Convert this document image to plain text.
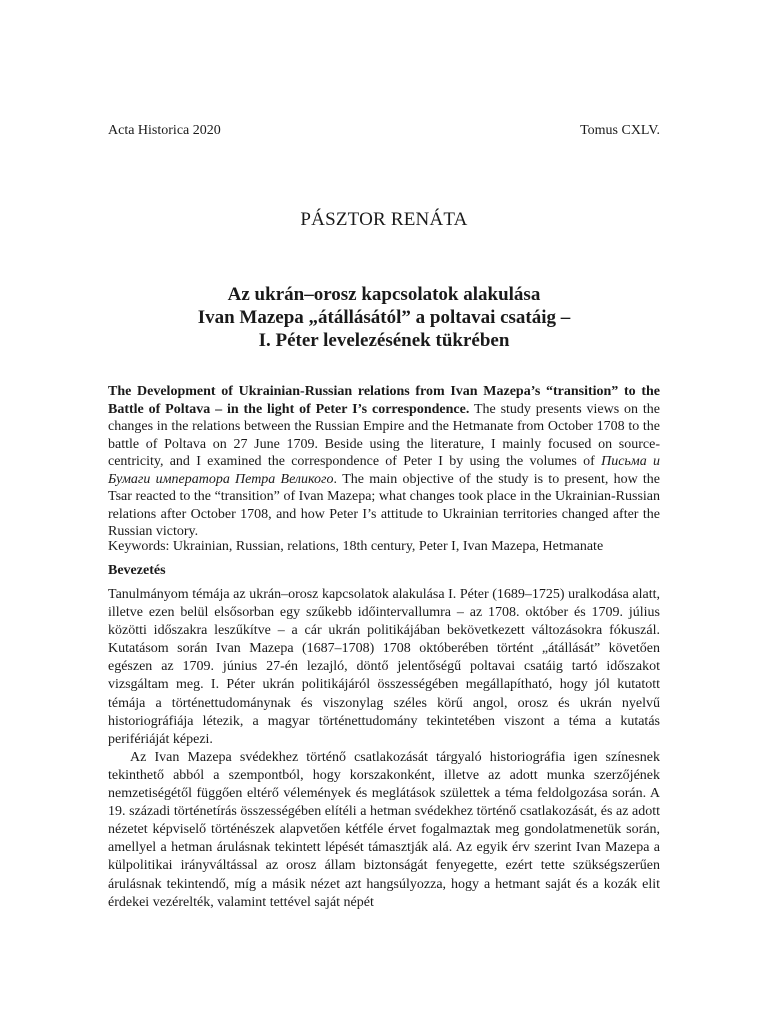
Acta Historica 2020	Tomus CXLV.
PÁSZTOR RENÁTA
Az ukrán–orosz kapcsolatok alakulása
Ivan Mazepa „átállásától” a poltavai csatáig –
I. Péter levelezésének tükrében
The Development of Ukrainian-Russian relations from Ivan Mazepa’s “transition” to the Battle of Poltava – in the light of Peter I’s correspondence. The study presents views on the changes in the relations between the Russian Empire and the Hetmanate from October 1708 to the battle of Poltava on 27 June 1709. Beside using the literature, I mainly focused on source-centricity, and I examined the correspondence of Peter I by using the volumes of Письма и Бумаги императора Петра Великого. The main objective of the study is to present, how the Tsar reacted to the “transition” of Ivan Mazepa; what changes took place in the Ukrainian-Russian relations after October 1708, and how Peter I’s attitude to Ukrainian territories changed after the Russian victory.
Keywords: Ukrainian, Russian, relations, 18th century, Peter I, Ivan Mazepa, Hetmanate
Bevezetés

Tanulmányom témája az ukrán–orosz kapcsolatok alakulása I. Péter (1689–1725) uralkodása alatt, illetve ezen belül elsősorban egy szűkebb időintervallumra – az 1708. október és 1709. július közötti időszakra leszűkítve – a cár ukrán politikájában bekövetkezett változásokra fókuszál. Kutatásom során Ivan Mazepa (1687–1708) 1708 októberében történt „átállását” követően egészen az 1709. június 27-én lezajló, döntő jelentőségű poltavai csatáig tartó időszakot vizsgáltam meg. I. Péter ukrán politikájáról összességében megállapítható, hogy jól kutatott témája a történettudománynak és viszonylag széles körű angol, orosz és ukrán nyelvű historiográfiája létezik, a magyar történettudomány tekintetében viszont a téma a kutatás perifériáját képezi.

Az Ivan Mazepa svédekhez történő csatlakozását tárgyaló historiográfia igen színesnek tekinthető abból a szempontból, hogy korszakonként, illetve az adott munka szerzőjének nemzetiségétől függően eltérő vélemények és meglátások születtek a téma feldolgozása során. A 19. századi történetírás összességében elítéli a hetman svédekhez történő csatlakozását, és az adott nézetet képviselő történészek alapvetően kétféle érvet fogalmaztak meg gondolatmenetük során, amellyel a hetman árulásnak tekintett lépését támasztják alá. Az egyik érv szerint Ivan Mazepa a külpolitikai irányváltással az orosz állam biztonságát fenyegette, ezért tette szükségszerűen árulásnak tekintendő, míg a másik nézet azt hangsúlyozza, hogy a hetmant saját és a kozák elit érdekei vezérelték, valamint tettével saját népét
